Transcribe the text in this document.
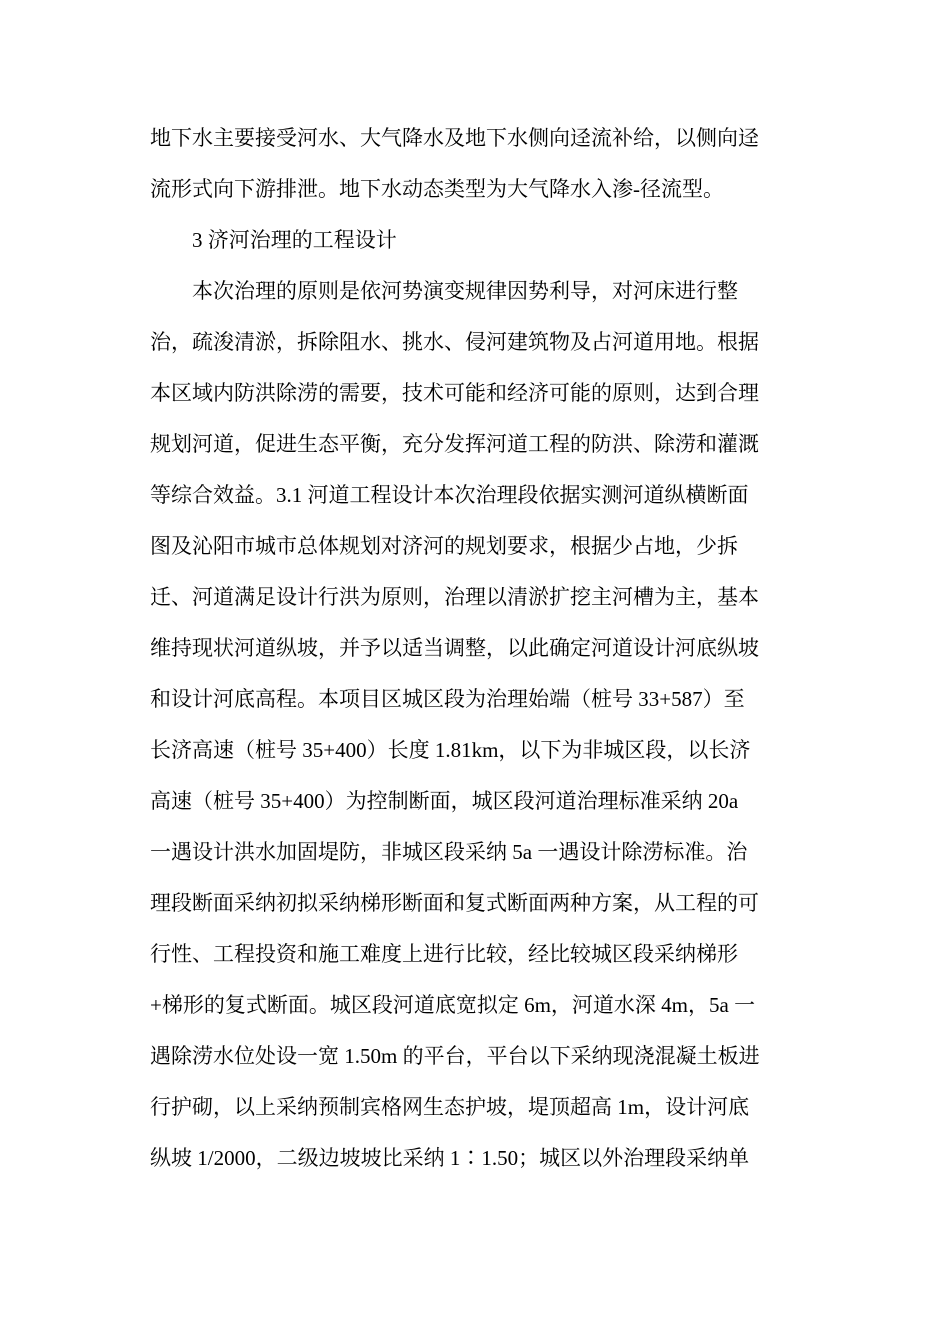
地下水主要接受河水、大气降水及地下水侧向迳流补给，以侧向迳
流形式向下游排泄。地下水动态类型为大气降水入渗-径流型。
3 济河治理的工程设计
本次治理的原则是依河势演变规律因势利导，对河床进行整
治，疏浚清淤，拆除阻水、挑水、侵河建筑物及占河道用地。根据
本区域内防洪除涝的需要，技术可能和经济可能的原则，达到合理
规划河道，促进生态平衡，充分发挥河道工程的防洪、除涝和灌溉
等综合效益。3.1 河道工程设计本次治理段依据实测河道纵横断面
图及沁阳市城市总体规划对济河的规划要求，根据少占地，少拆
迁、河道满足设计行洪为原则，治理以清淤扩挖主河槽为主，基本
维持现状河道纵坡，并予以适当调整，以此确定河道设计河底纵坡
和设计河底高程。本项目区城区段为治理始端（桩号 33+587）至
长济高速（桩号 35+400）长度 1.81km，以下为非城区段，以长济
高速（桩号 35+400）为控制断面，城区段河道治理标准采纳 20a
一遇设计洪水加固堤防，非城区段采纳 5a 一遇设计除涝标准。治
理段断面采纳初拟采纳梯形断面和复式断面两种方案，从工程的可
行性、工程投资和施工难度上进行比较，经比较城区段采纳梯形
+梯形的复式断面。城区段河道底宽拟定 6m，河道水深 4m，5a 一
遇除涝水位处设一宽 1.50m 的平台，平台以下采纳现浇混凝土板进
行护砌，以上采纳预制宾格网生态护坡，堤顶超高 1m，设计河底
纵坡 1/2000，二级边坡坡比采纳 1∶1.50；城区以外治理段采纳单
